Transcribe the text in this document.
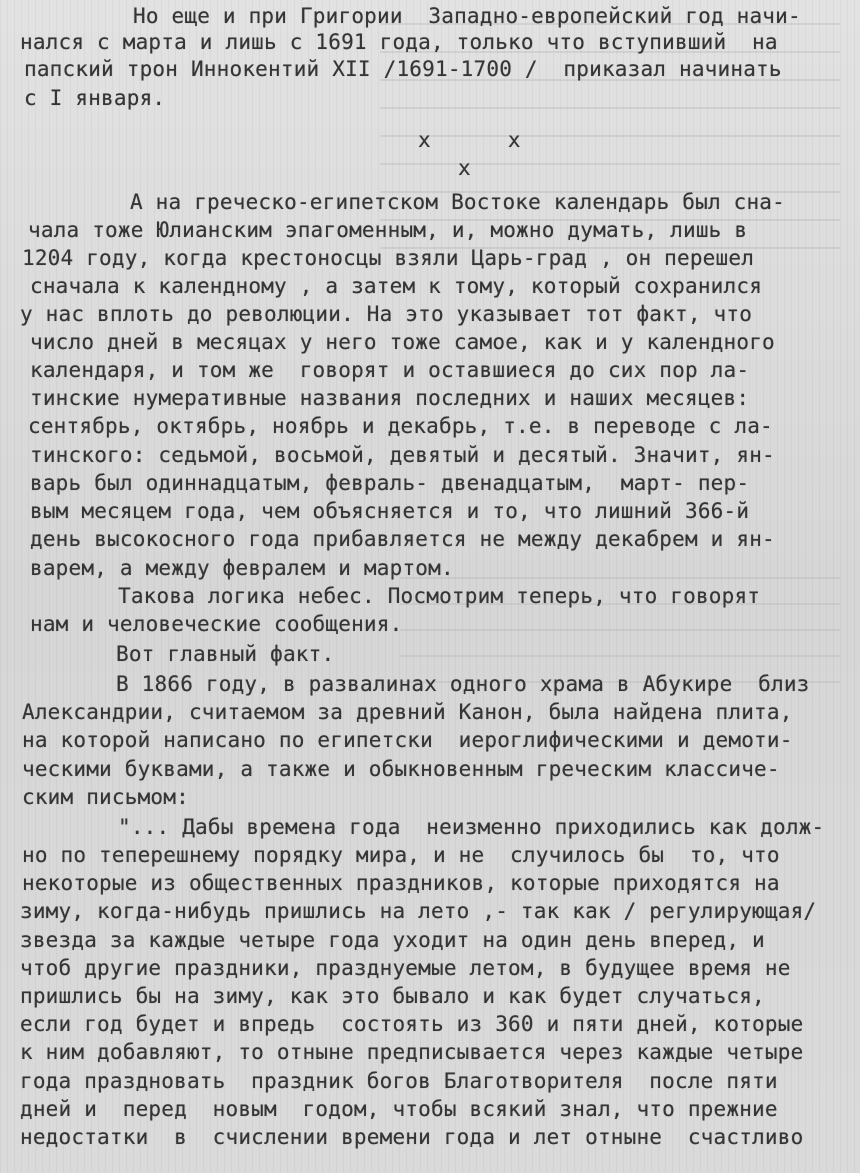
Но еще и при Григории  Западно-европейский год начи-
нался с марта и лишь с 1691 года, только что вступивший  на
папский трон Иннокентий XII /1691-1700 /  приказал начинать
с I января.
x      x
x
А на греческо-египетском Востоке календарь был сна-
чала тоже Юлианским эпагоменным, и, можно думать, лишь в
1204 году, когда крестоносцы взяли Царь-град , он перешел
сначала к календному , а затем к тому, который сохранился
у нас вплоть до революции. На это указывает тот факт, что
число дней в месяцах у него тоже самое, как и у календного
календаря, и том же  говорят и оставшиеся до сих пор ла-
тинские нумеративные названия последних и наших месяцев:
сентябрь, октябрь, ноябрь и декабрь, т.е. в переводе с ла-
тинского: седьмой, восьмой, девятый и десятый. Значит, ян-
варь был одиннадцатым, февраль- двенадцатым,  март- пер-
вым месяцем года, чем объясняется и то, что лишний 366-й
день высокосного года прибавляется не между декабрем и ян-
варем, а между февралем и мартом.
Такова логика небес. Посмотрим теперь, что говорят
нам и человеческие сообщения.
Вот главный факт.
В 1866 году, в развалинах одного храма в Абукире  близ
Александрии, считаемом за древний Канон, была найдена плита,
на которой написано по египетски  иероглифическими и демоти-
ческими буквами, а также и обыкновенным греческим классиче-
ским письмом:
"... Дабы времена года  неизменно приходились как долж-
но по теперешнему порядку мира, и не  случилось бы  то, что
некоторые из общественных праздников, которые приходятся на
зиму, когда-нибудь пришлись на лето ,- так как / регулирующая/
звезда за каждые четыре года уходит на один день вперед, и
чтоб другие праздники, празднуемые летом, в будущее время не
пришлись бы на зиму, как это бывало и как будет случаться,
если год будет и впредь  состоять из 360 и пяти дней, которые
к ним добавляют, то отныне предписывается через каждые четыре
года праздновать  праздник богов Благотворителя  после пяти
дней и  перед  новым  годом, чтобы всякий знал, что прежние
недостатки  в  счислении времени года и лет отныне  счастливо
